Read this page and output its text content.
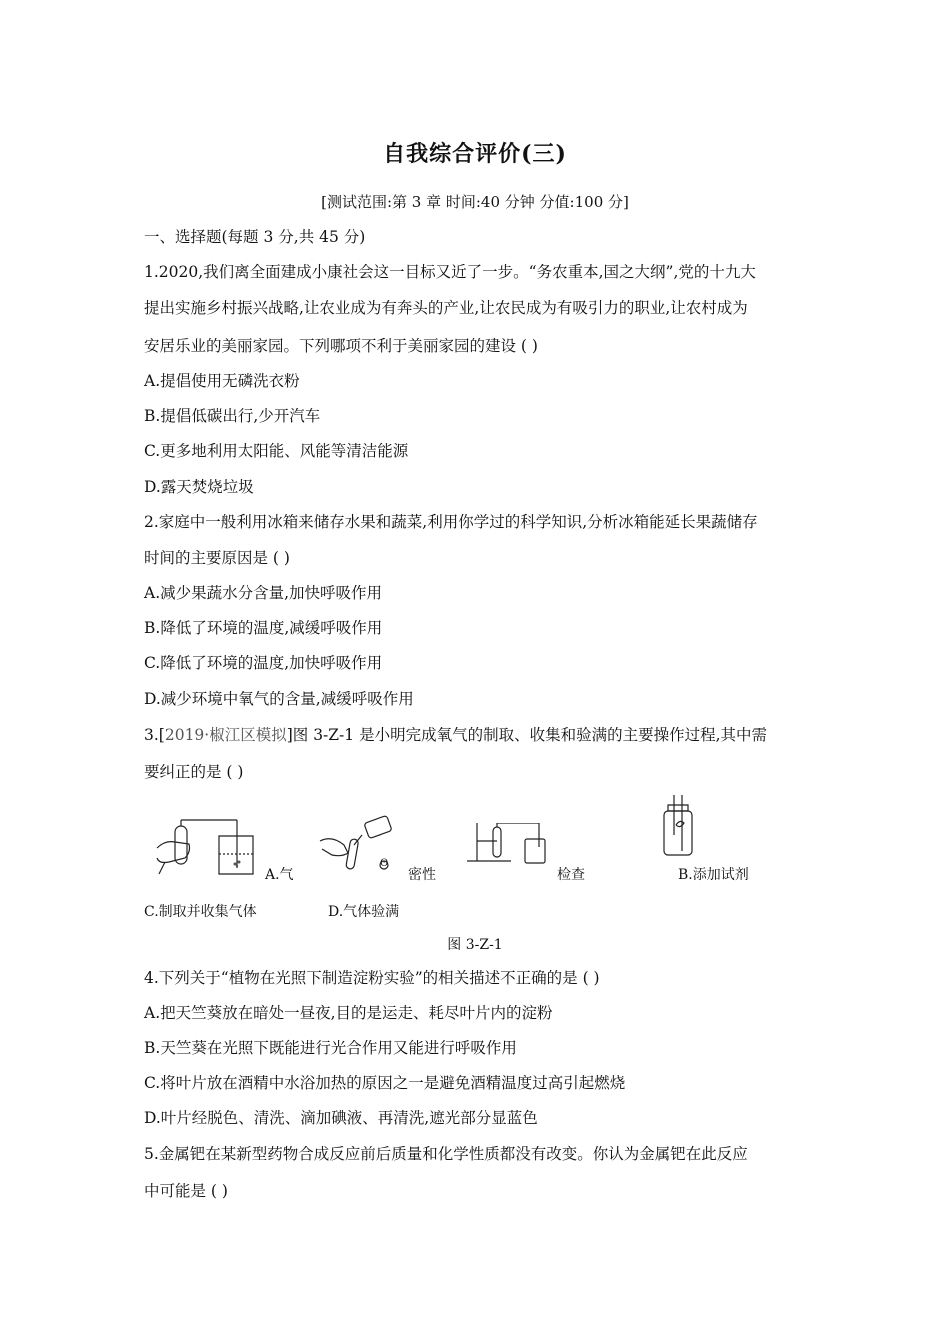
自我综合评价(三)
[测试范围:第 3 章 时间:40 分钟 分值:100 分]
一、选择题(每题 3 分,共 45 分)
1.2020,我们离全面建成小康社会这一目标又近了一步。“务农重本,国之大纲”,党的十九大
提出实施乡村振兴战略,让农业成为有奔头的产业,让农民成为有吸引力的职业,让农村成为
安居乐业的美丽家园。下列哪项不利于美丽家园的建设 ( )
A.提倡使用无磷洗衣粉
B.提倡低碳出行,少开汽车
C.更多地利用太阳能、风能等清洁能源
D.露天焚烧垃圾
2.家庭中一般利用冰箱来储存水果和蔬菜,利用你学过的科学知识,分析冰箱能延长果蔬储存
时间的主要原因是 ( )
A.减少果蔬水分含量,加快呼吸作用
B.降低了环境的温度,减缓呼吸作用
C.降低了环境的温度,加快呼吸作用
D.减少环境中氧气的含量,减缓呼吸作用
3.[2019·椒江区模拟]图 3-Z-1 是小明完成氧气的制取、收集和验满的主要操作过程,其中需
要纠正的是 ( )
A.气
ʘ
密性	检查	B.添加试剂
C.制取并收集气体	D.气体验满
图 3-Z-1
4.下列关于“植物在光照下制造淀粉实验”的相关描述不正确的是 ( )
A.把天竺葵放在暗处一昼夜,目的是运走、耗尽叶片内的淀粉
B.天竺葵在光照下既能进行光合作用又能进行呼吸作用
C.将叶片放在酒精中水浴加热的原因之一是避免酒精温度过高引起燃烧
D.叶片经脱色、清洗、滴加碘液、再清洗,遮光部分显蓝色
5.金属钯在某新型药物合成反应前后质量和化学性质都没有改变。你认为金属钯在此反应
中可能是 ( )
